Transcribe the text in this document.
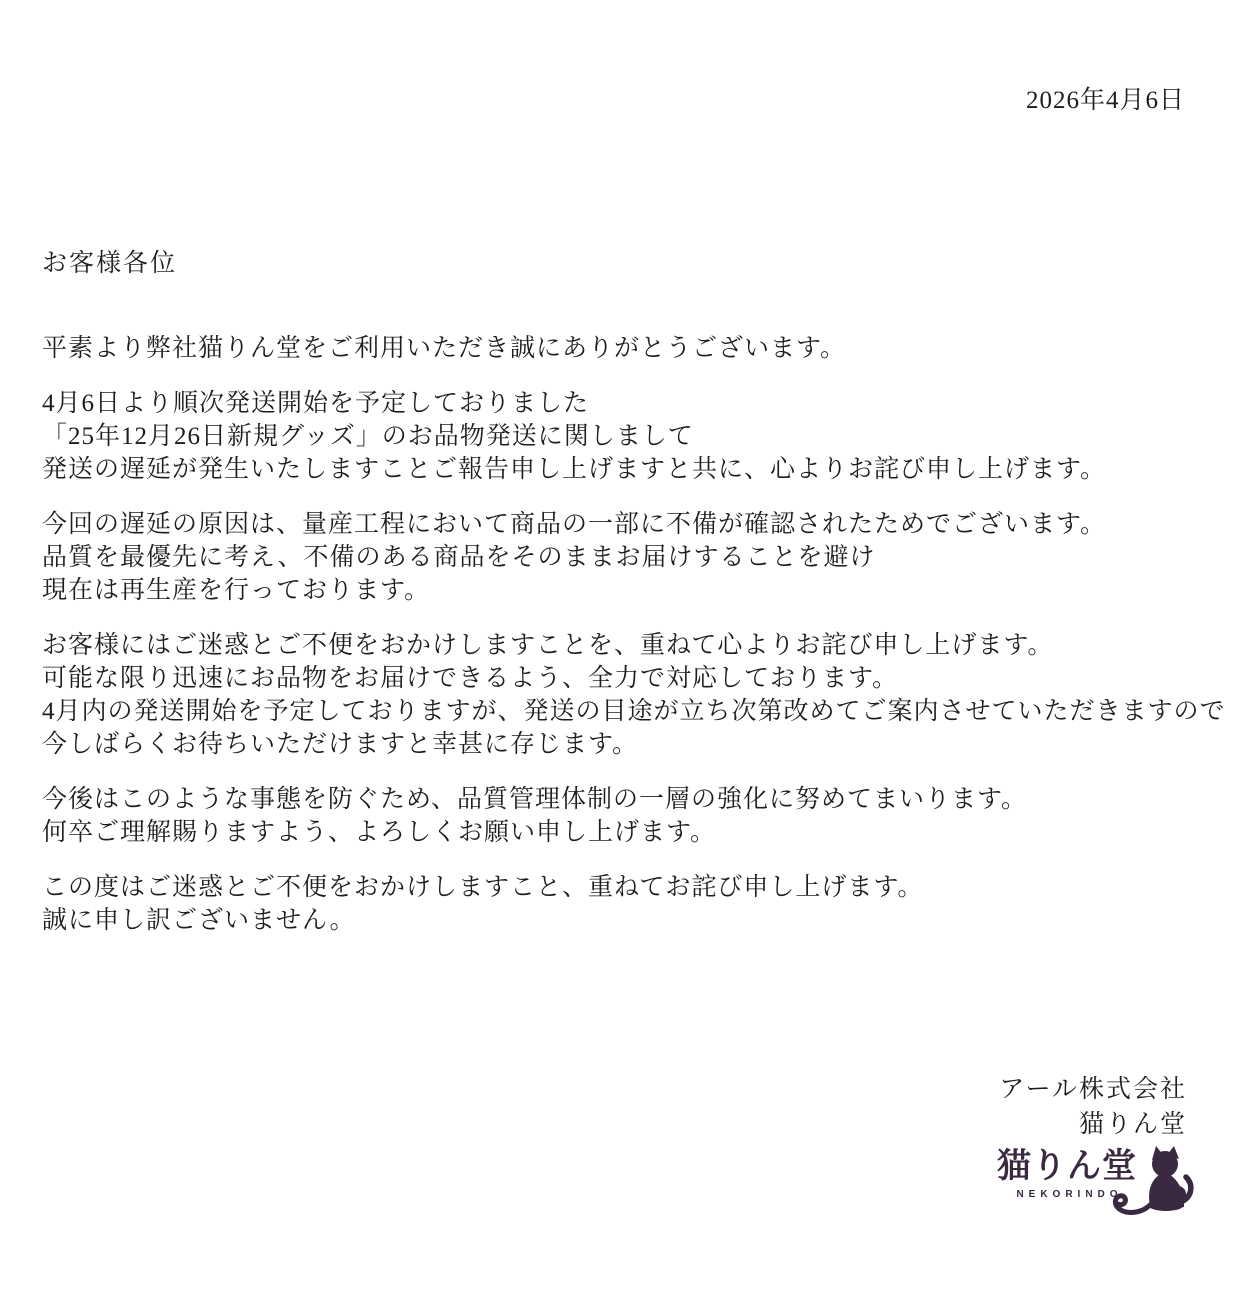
2026年4月6日
お客様各位

平素より弊社猫りん堂をご利用いただき誠にありがとうございます。

4月6日より順次発送開始を予定しておりました
「25年12月26日新規グッズ」のお品物発送に関しまして
発送の遅延が発生いたしますことご報告申し上げますと共に、心よりお詫び申し上げます。

今回の遅延の原因は、量産工程において商品の一部に不備が確認されたためでございます。
品質を最優先に考え、不備のある商品をそのままお届けすることを避け
現在は再生産を行っております。

お客様にはご迷惑とご不便をおかけしますことを、重ねて心よりお詫び申し上げます。
可能な限り迅速にお品物をお届けできるよう、全力で対応しております。
4月内の発送開始を予定しておりますが、発送の目途が立ち次第改めてご案内させていただきますので
今しばらくお待ちいただけますと幸甚に存じます。

今後はこのような事態を防ぐため、品質管理体制の一層の強化に努めてまいります。
何卒ご理解賜りますよう、よろしくお願い申し上げます。

この度はご迷惑とご不便をおかけしますこと、重ねてお詫び申し上げます。
誠に申し訳ございません。

アール株式会社
猫りん堂
猫りん堂
NEKORINDO
